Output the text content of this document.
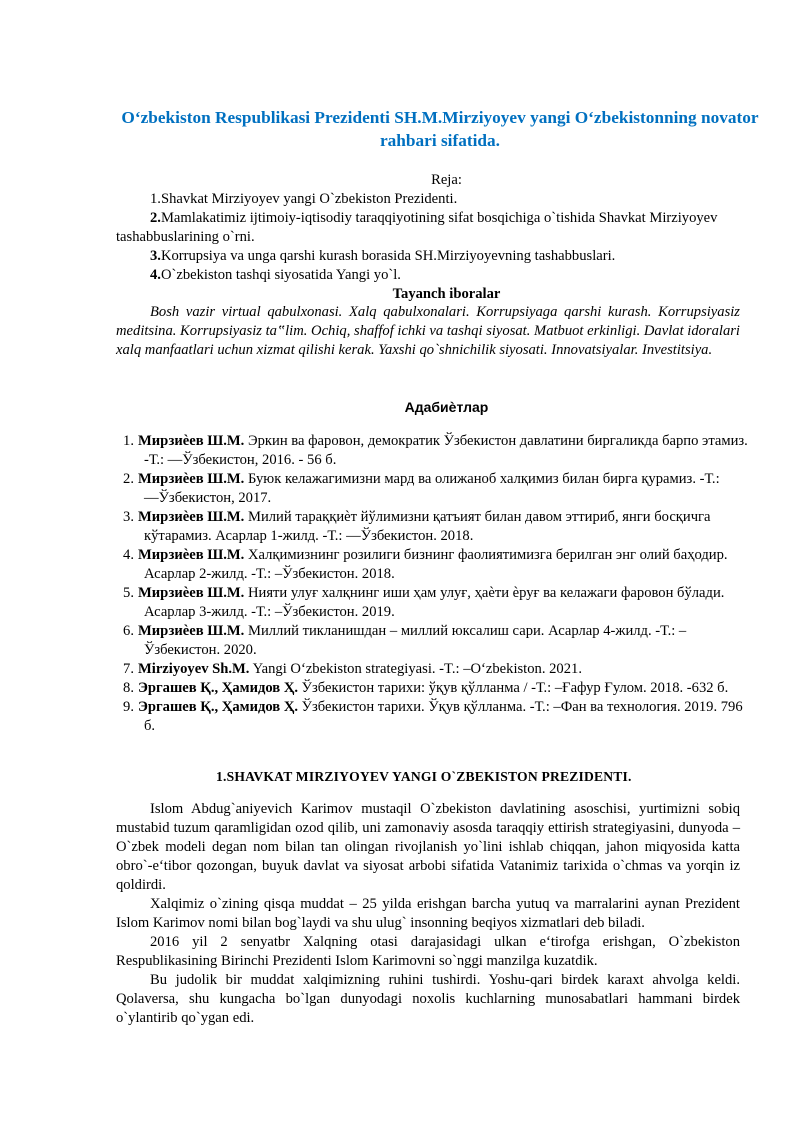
O‘zbekiston Respublikasi Prezidenti SH.M.Mirziyoyev yangi O‘zbekistonning novator rahbari sifatida.
Reja:

1.Shavkat Mirziyoyev yangi O`zbekiston Prezidenti.

2.Mamlakatimiz ijtimoiy-iqtisodiy taraqqiyotining sifat bosqichiga o`tishida Shavkat Mirziyoyev tashabbuslarining o`rni.

3.Korrupsiya va unga qarshi kurash borasida SH.Mirziyoyevning tashabbuslari.

4.O`zbekiston tashqi siyosatida Yangi yo`l.

Tayanch iboralar

Bosh vazir virtual qabulxonasi. Xalq qabulxonalari. Korrupsiyaga qarshi kurash. Korrupsiyasiz meditsina. Korrupsiyasiz ta‟lim. Ochiq, shaffof ichki va tashqi siyosat. Matbuot erkinligi. Davlat idoralari xalq manfaatlari uchun xizmat qilishi kerak. Yaxshi qo`shnichilik siyosati. Innovatsiyalar. Investitsiya.

Адабиѐтлар
1. Мирзиѐев Ш.М. Эркин ва фаровон, демократик Ўзбекистон давлатини биргаликда барпо этамиз. -Т.: ―Ўзбекистон, 2016. - 56 б.
2. Мирзиѐев Ш.М. Буюк келажагимизни мард ва олижаноб халқимиз билан бирга қурамиз. -Т.: ―Ўзбекистон, 2017.
3. Мирзиѐев Ш.М. Милий тараққиѐт йўлимизни қатъият билан давом эттириб, янги босқичга кўтарамиз. Асарлар 1-жилд. -Т.: ―Ўзбекистон. 2018.
4. Мирзиѐев Ш.М. Халқимизнинг розилиги бизнинг фаолиятимизга берилган энг олий баҳодир. Асарлар 2-жилд. -Т.: –Ўзбекистон. 2018.
5. Мирзиѐев Ш.М. Нияти улуғ халқнинг иши ҳам улуғ, ҳаѐти ѐруғ ва келажаги фаровон бўлади. Асарлар 3-жилд. -Т.: –Ўзбекистон. 2019.
6. Мирзиѐев Ш.М. Миллий тикланишдан – миллий юксалиш сари. Асарлар 4-жилд. -Т.: –Ўзбекистон. 2020.
7. Mirziyoyev Sh.M. Yangi O‘zbekiston strategiyasi. -T.: –O‘zbekiston. 2021.
8. Эргашев Қ., Ҳамидов Ҳ. Ўзбекистон тарихи: ўқув қўлланма / -Т.: –Ғафур Ғулом. 2018. -632 б.
9. Эргашев Қ., Ҳамидов Ҳ. Ўзбекистон тарихи. Ўқув қўлланма. -Т.: –Фан ва технология. 2019. 796 б.
1.SHAVKAT MIRZIYOYEV YANGI O`ZBEKISTON PREZIDENTI.

Islom Abdug`aniyevich Karimov mustaqil O`zbekiston davlatining asoschisi, yurtimizni sobiq mustabid tuzum qaramligidan ozod qilib, uni zamonaviy asosda taraqqiy ettirish strategiyasini, dunyoda –O`zbek modeli degan nom bilan tan olingan rivojlanish yo`lini ishlab chiqqan, jahon miqyosida katta obro`-e‘tibor qozongan, buyuk davlat va siyosat arbobi sifatida Vatanimiz tarixida o`chmas va yorqin iz qoldirdi.

Xalqimiz o`zining qisqa muddat – 25 yilda erishgan barcha yutuq va marralarini aynan Prezident Islom Karimov nomi bilan bog`laydi va shu ulug` insonning beqiyos xizmatlari deb biladi.

2016 yil 2 senyatbr Xalqning otasi darajasidagi ulkan e‘tirofga erishgan, O`zbekiston Respublikasining Birinchi Prezidenti Islom Karimovni so`nggi manzilga kuzatdik.

Bu judolik bir muddat xalqimizning ruhini tushirdi. Yoshu-qari birdek karaxt ahvolga keldi. Qolaversa, shu kungacha bo`lgan dunyodagi noxolis kuchlarning munosabatlari hammani birdek o`ylantirib qo`ygan edi.
